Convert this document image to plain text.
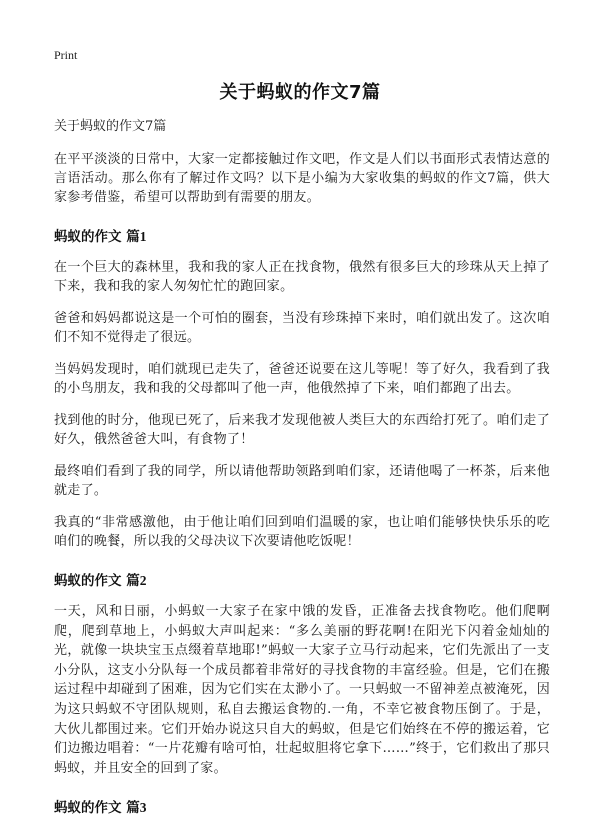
Print
关于蚂蚁的作文7篇
关于蚂蚁的作文7篇

在平平淡淡的日常中，大家一定都接触过作文吧，作文是人们以书面形式表情达意的言语活动。那么你有了解过作文吗？以下是小编为大家收集的蚂蚁的作文7篇，供大家参考借鉴，希望可以帮助到有需要的朋友。

蚂蚁的作文 篇1

在一个巨大的森林里，我和我的家人正在找食物，俄然有很多巨大的珍珠从天上掉了下来，我和我的家人匆匆忙忙的跑回家。

爸爸和妈妈都说这是一个可怕的圈套，当没有珍珠掉下来时，咱们就出发了。这次咱们不知不觉得走了很远。

当妈妈发现时，咱们就现已走失了，爸爸还说要在这儿等呢！等了好久，我看到了我的小鸟朋友，我和我的父母都叫了他一声，他俄然掉了下来，咱们都跑了出去。

找到他的时分，他现已死了，后来我才发现他被人类巨大的东西给打死了。咱们走了好久，俄然爸爸大叫，有食物了！

最终咱们看到了我的同学，所以请他帮助领路到咱们家，还请他喝了一杯茶，后来他就走了。

我真的“非常感激他，由于他让咱们回到咱们温暖的家，也让咱们能够快快乐乐的吃咱们的晚餐，所以我的父母决议下次要请他吃饭呢！

蚂蚁的作文 篇2

一天，风和日丽，小蚂蚁一大家子在家中饿的发昏，正准备去找食物吃。他们爬啊爬，爬到草地上，小蚂蚁大声叫起来：“多么美丽的野花啊!在阳光下闪着金灿灿的光，就像一块块宝玉点缀着草地耶!”蚂蚁一大家子立马行动起来，它们先派出了一支小分队，这支小分队每一个成员都着非常好的寻找食物的丰富经验。但是，它们在搬运过程中却碰到了困难，因为它们实在太渺小了。一只蚂蚁一不留神差点被淹死，因为这只蚂蚁不守团队规则，私自去搬运食物的.一角，不幸它被食物压倒了。于是，大伙儿都围过来。它们开始办说这只自大的蚂蚁，但是它们始终在不停的搬运着，它们边搬边唱着：“一片花瓣有啥可怕，壮起蚁胆将它拿下……”终于，它们救出了那只蚂蚁，并且安全的回到了家。

蚂蚁的作文 篇3
